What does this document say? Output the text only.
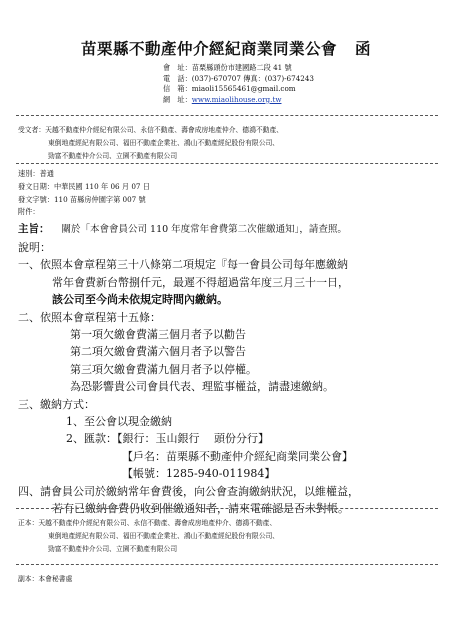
苗栗縣不動產仲介經紀商業同業公會 函
會　址：苗栗縣頭份市建國路二段 41 號
電　話：(037)-670707 傳真：(037)-674243
信　箱：miaoli15565461@gmail.com
網　址：www.miaolihouse.org.tw
受文者：天越不動產仲介經紀有限公司、永信不動產、壽會成房地產仲介、德鴻不動產、
東倒地產經紀有限公司、福田不動產企業社、鴻山不動產經紀股份有限公司、
勁富不動產仲介公司、立園不動產有限公司
速別：普通
發文日期：中華民國 110 年 06 月 07 日
發文字號：110 苗縣房仲園字第 007 號
附件：
主旨： 關於「本會會員公司 110 年度常年會費第二次催繳通知」，請查照。
說明：
一、依照本會章程第三十八條第二項規定『每一會員公司每年應繳納
常年會費新台幣捌仟元，最遲不得超過當年度三月三十一日，
該公司至今尚未依規定時間內繳納。
二、依照本會章程第十五條：
第一項欠繳會費滿三個月者予以勸告
第二項欠繳會費滿六個月者予以警告
第三項欠繳會費滿九個月者予以停權。
為恐影響貴公司會員代表、理監事權益，請盡速繳納。
三、繳納方式：
1、至公會以現金繳納
2、匯款：【銀行：玉山銀行　 頭份分行】
【戶名：苗栗縣不動產仲介經紀商業同業公會】
【帳號：1285-940-011984】
四、請會員公司於繳納常年會費後，向公會查詢繳納狀況，以維權益，
若有已繳納會費仍收到催繳通知者，請來電確認是否未對帳。
正本：天越不動產仲介經紀有限公司、永信不動產、壽會成房地產仲介、德鴻不動產、
東倒地產經紀有限公司、福田不動產企業社、鴻山不動產經紀股份有限公司、
勁富不動產仲介公司、立園不動產有限公司
副本：本會秘書處
